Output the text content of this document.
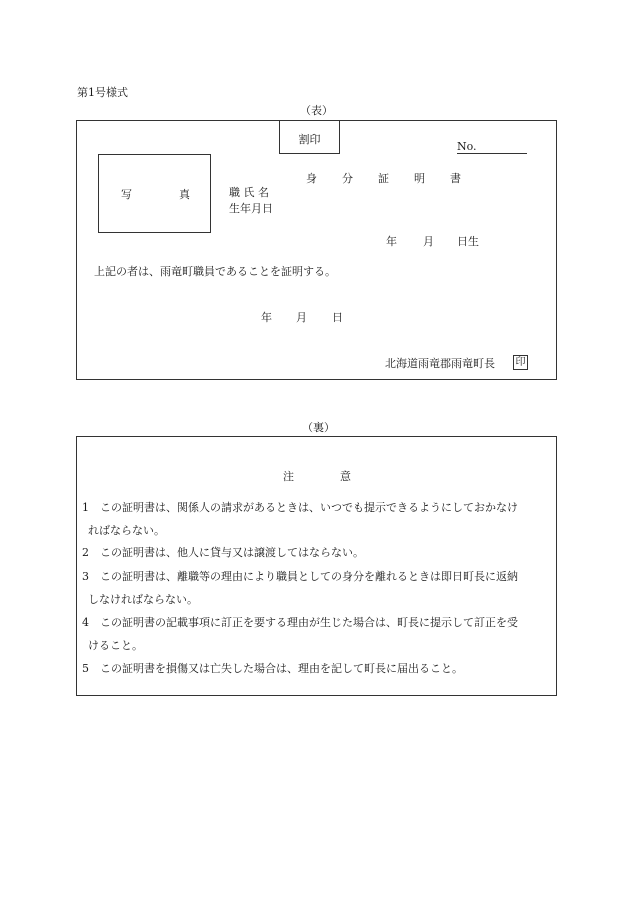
第1号様式
（表）
割印
No.
写	真
身 分 証 明 書
職 氏 名
生年月日
年 月 日生
上記の者は、雨竜町職員であることを証明する。
年 月 日
北海道雨竜郡雨竜町長 印
（裏）
注	意
1　この証明書は、関係人の請求があるときは、いつでも提示できるようにしておかなけ
ればならない。
2　この証明書は、他人に貸与又は譲渡してはならない。
3　この証明書は、離職等の理由により職員としての身分を離れるときは即日町長に返納
しなければならない。
4　この証明書の記載事項に訂正を要する理由が生じた場合は、町長に提示して訂正を受
けること。
5　この証明書を損傷又は亡失した場合は、理由を記して町長に届出ること。
